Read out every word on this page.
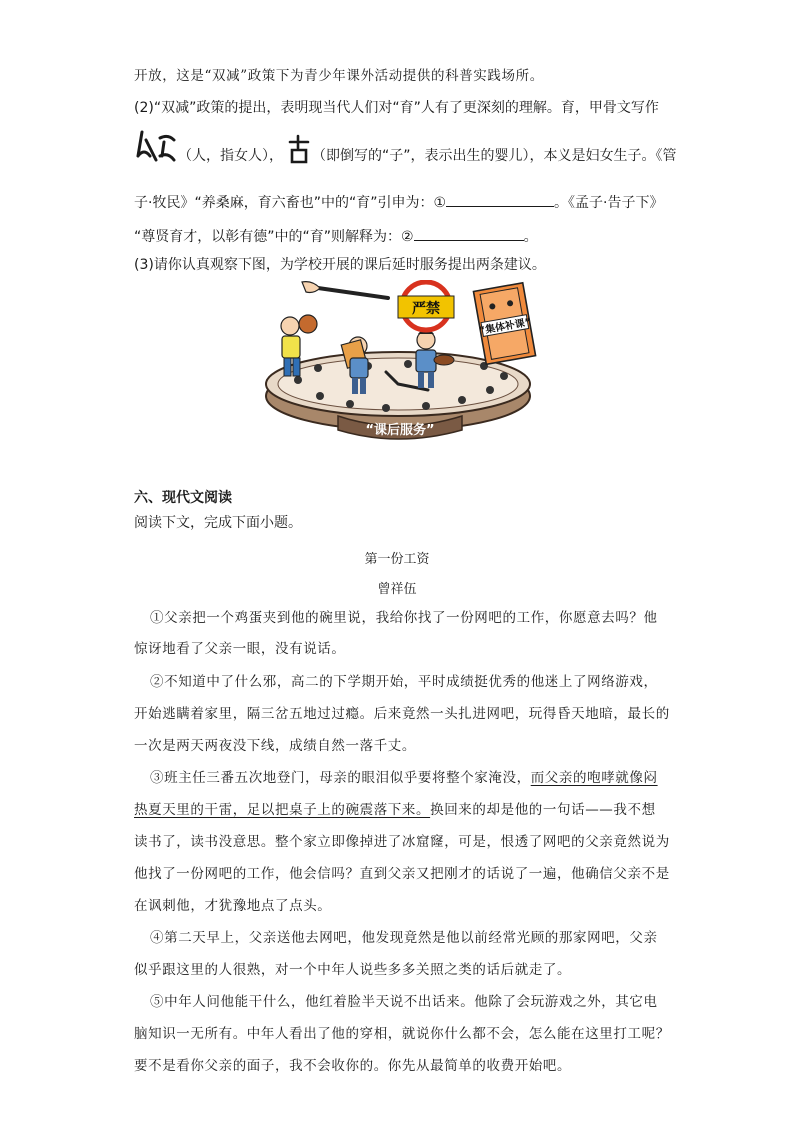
开放，这是“双减”政策下为青少年课外活动提供的科普实践场所。
(2)“双减”政策的提出，表明现当代人们对“育”人有了更深刻的理解。育，甲骨文写作
（人，指女人）， （即倒写的“子”，表示出生的婴儿），本义是妇女生子。《管
子·牧民》“养桑麻，育六畜也”中的“育”引申为：①	。《孟子·告子下》
“尊贤育才，以彰有德”中的“育”则解释为：②	。
(3)请你认真观察下图，为学校开展的课后延时服务提出两条建议。
“课后服务”
严禁
“集体补课”
六、现代文阅读
阅读下文，完成下面小题。
第一份工资
曾祥伍
①父亲把一个鸡蛋夹到他的碗里说，我给你找了一份网吧的工作，你愿意去吗？他
惊讶地看了父亲一眼，没有说话。
②不知道中了什么邪，高二的下学期开始，平时成绩挺优秀的他迷上了网络游戏，
开始逃瞒着家里，隔三岔五地过过瘾。后来竟然一头扎进网吧，玩得昏天地暗，最长的
一次是两天两夜没下线，成绩自然一落千丈。
③班主任三番五次地登门，母亲的眼泪似乎要将整个家淹没，而父亲的咆哮就像闷
热夏天里的干雷，足以把桌子上的碗震落下来。换回来的却是他的一句话——我不想
读书了，读书没意思。整个家立即像掉进了冰窟窿，可是，恨透了网吧的父亲竟然说为
他找了一份网吧的工作，他会信吗？直到父亲又把刚才的话说了一遍，他确信父亲不是
在讽刺他，才犹豫地点了点头。
④第二天早上，父亲送他去网吧，他发现竟然是他以前经常光顾的那家网吧，父亲
似乎跟这里的人很熟，对一个中年人说些多多关照之类的话后就走了。
⑤中年人问他能干什么，他红着脸半天说不出话来。他除了会玩游戏之外，其它电
脑知识一无所有。中年人看出了他的穿相，就说你什么都不会，怎么能在这里打工呢？
要不是看你父亲的面子，我不会收你的。你先从最简单的收费开始吧。
